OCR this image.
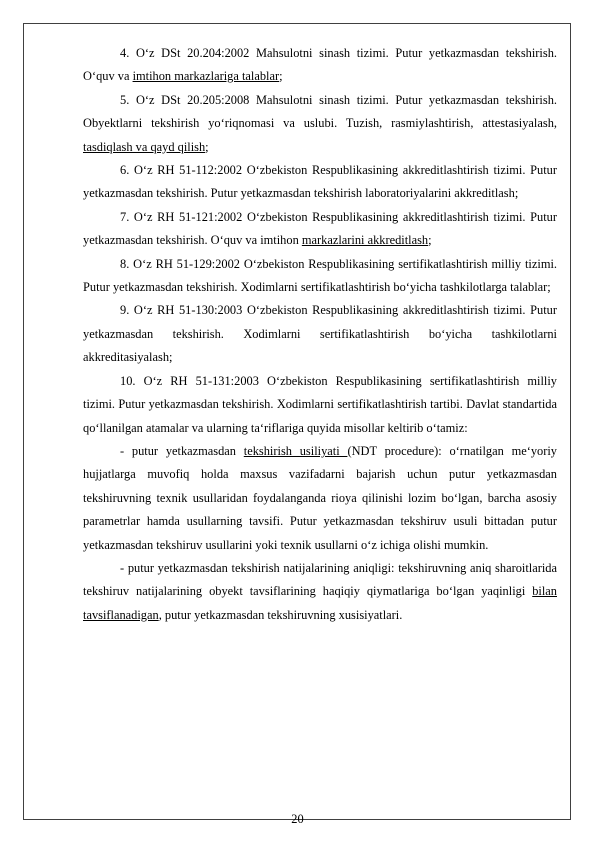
4. O‘z DSt 20.204:2002 Mahsulotni sinash tizimi. Putur yetkazmasdan tekshirish. O‘quv va imtihon markazlariga talablar;

5. O‘z DSt 20.205:2008 Mahsulotni sinash tizimi. Putur yetkazmasdan tekshirish. Obyektlarni tekshirish yo‘riqnomasi va uslubi. Tuzish, rasmiylashtirish, attestasiyalash, tasdiqlash va qayd qilish;

6. O‘z RH 51-112:2002 O‘zbekiston Respublikasining akkreditlashtirish tizimi. Putur yetkazmasdan tekshirish. Putur yetkazmasdan tekshirish laboratoriyalarini akkreditlash;

7. O‘z RH 51-121:2002 O‘zbekiston Respublikasining akkreditlashtirish tizimi. Putur yetkazmasdan tekshirish. O‘quv va imtihon markazlarini akkreditlash;

8. O‘z RH 51-129:2002 O‘zbekiston Respublikasining sertifikatlashtirish milliy tizimi. Putur yetkazmasdan tekshirish. Xodimlarni sertifikatlashtirish bo‘yicha tashkilotlarga talablar;

9. O‘z RH 51-130:2003 O‘zbekiston Respublikasining akkreditlashtirish tizimi. Putur yetkazmasdan tekshirish. Xodimlarni sertifikatlashtirish bo‘yicha tashkilotlarni akkreditasiyalash;

10. O‘z RH 51-131:2003 O‘zbekiston Respublikasining sertifikatlashtirish milliy tizimi. Putur yetkazmasdan tekshirish. Xodimlarni sertifikatlashtirish tartibi. Davlat standartida qo‘llanilgan atamalar va ularning ta‘riflariga quyida misollar keltirib o‘tamiz:

- putur yetkazmasdan tekshirish usiliyati (NDT procedure): o‘rnatilgan me‘yoriy hujjatlarga muvofiq holda maxsus vazifadarni bajarish uchun putur yetkazmasdan tekshiruvning texnik usullaridan foydalanganda rioya qilinishi lozim bo‘lgan, barcha asosiy parametrlar hamda usullarning tavsifi. Putur yetkazmasdan tekshiruv usuli bittadan putur yetkazmasdan tekshiruv usullarini yoki texnik usullarni o‘z ichiga olishi mumkin.

- putur yetkazmasdan tekshirish natijalarining aniqligi: tekshiruvning aniq sharoitlarida tekshiruv natijalarining obyekt tavsiflarining haqiqiy qiymatlariga bo‘lgan yaqinligi bilan tavsiflanadigan, putur yetkazmasdan tekshiruvning xusisiyatlari.

20
